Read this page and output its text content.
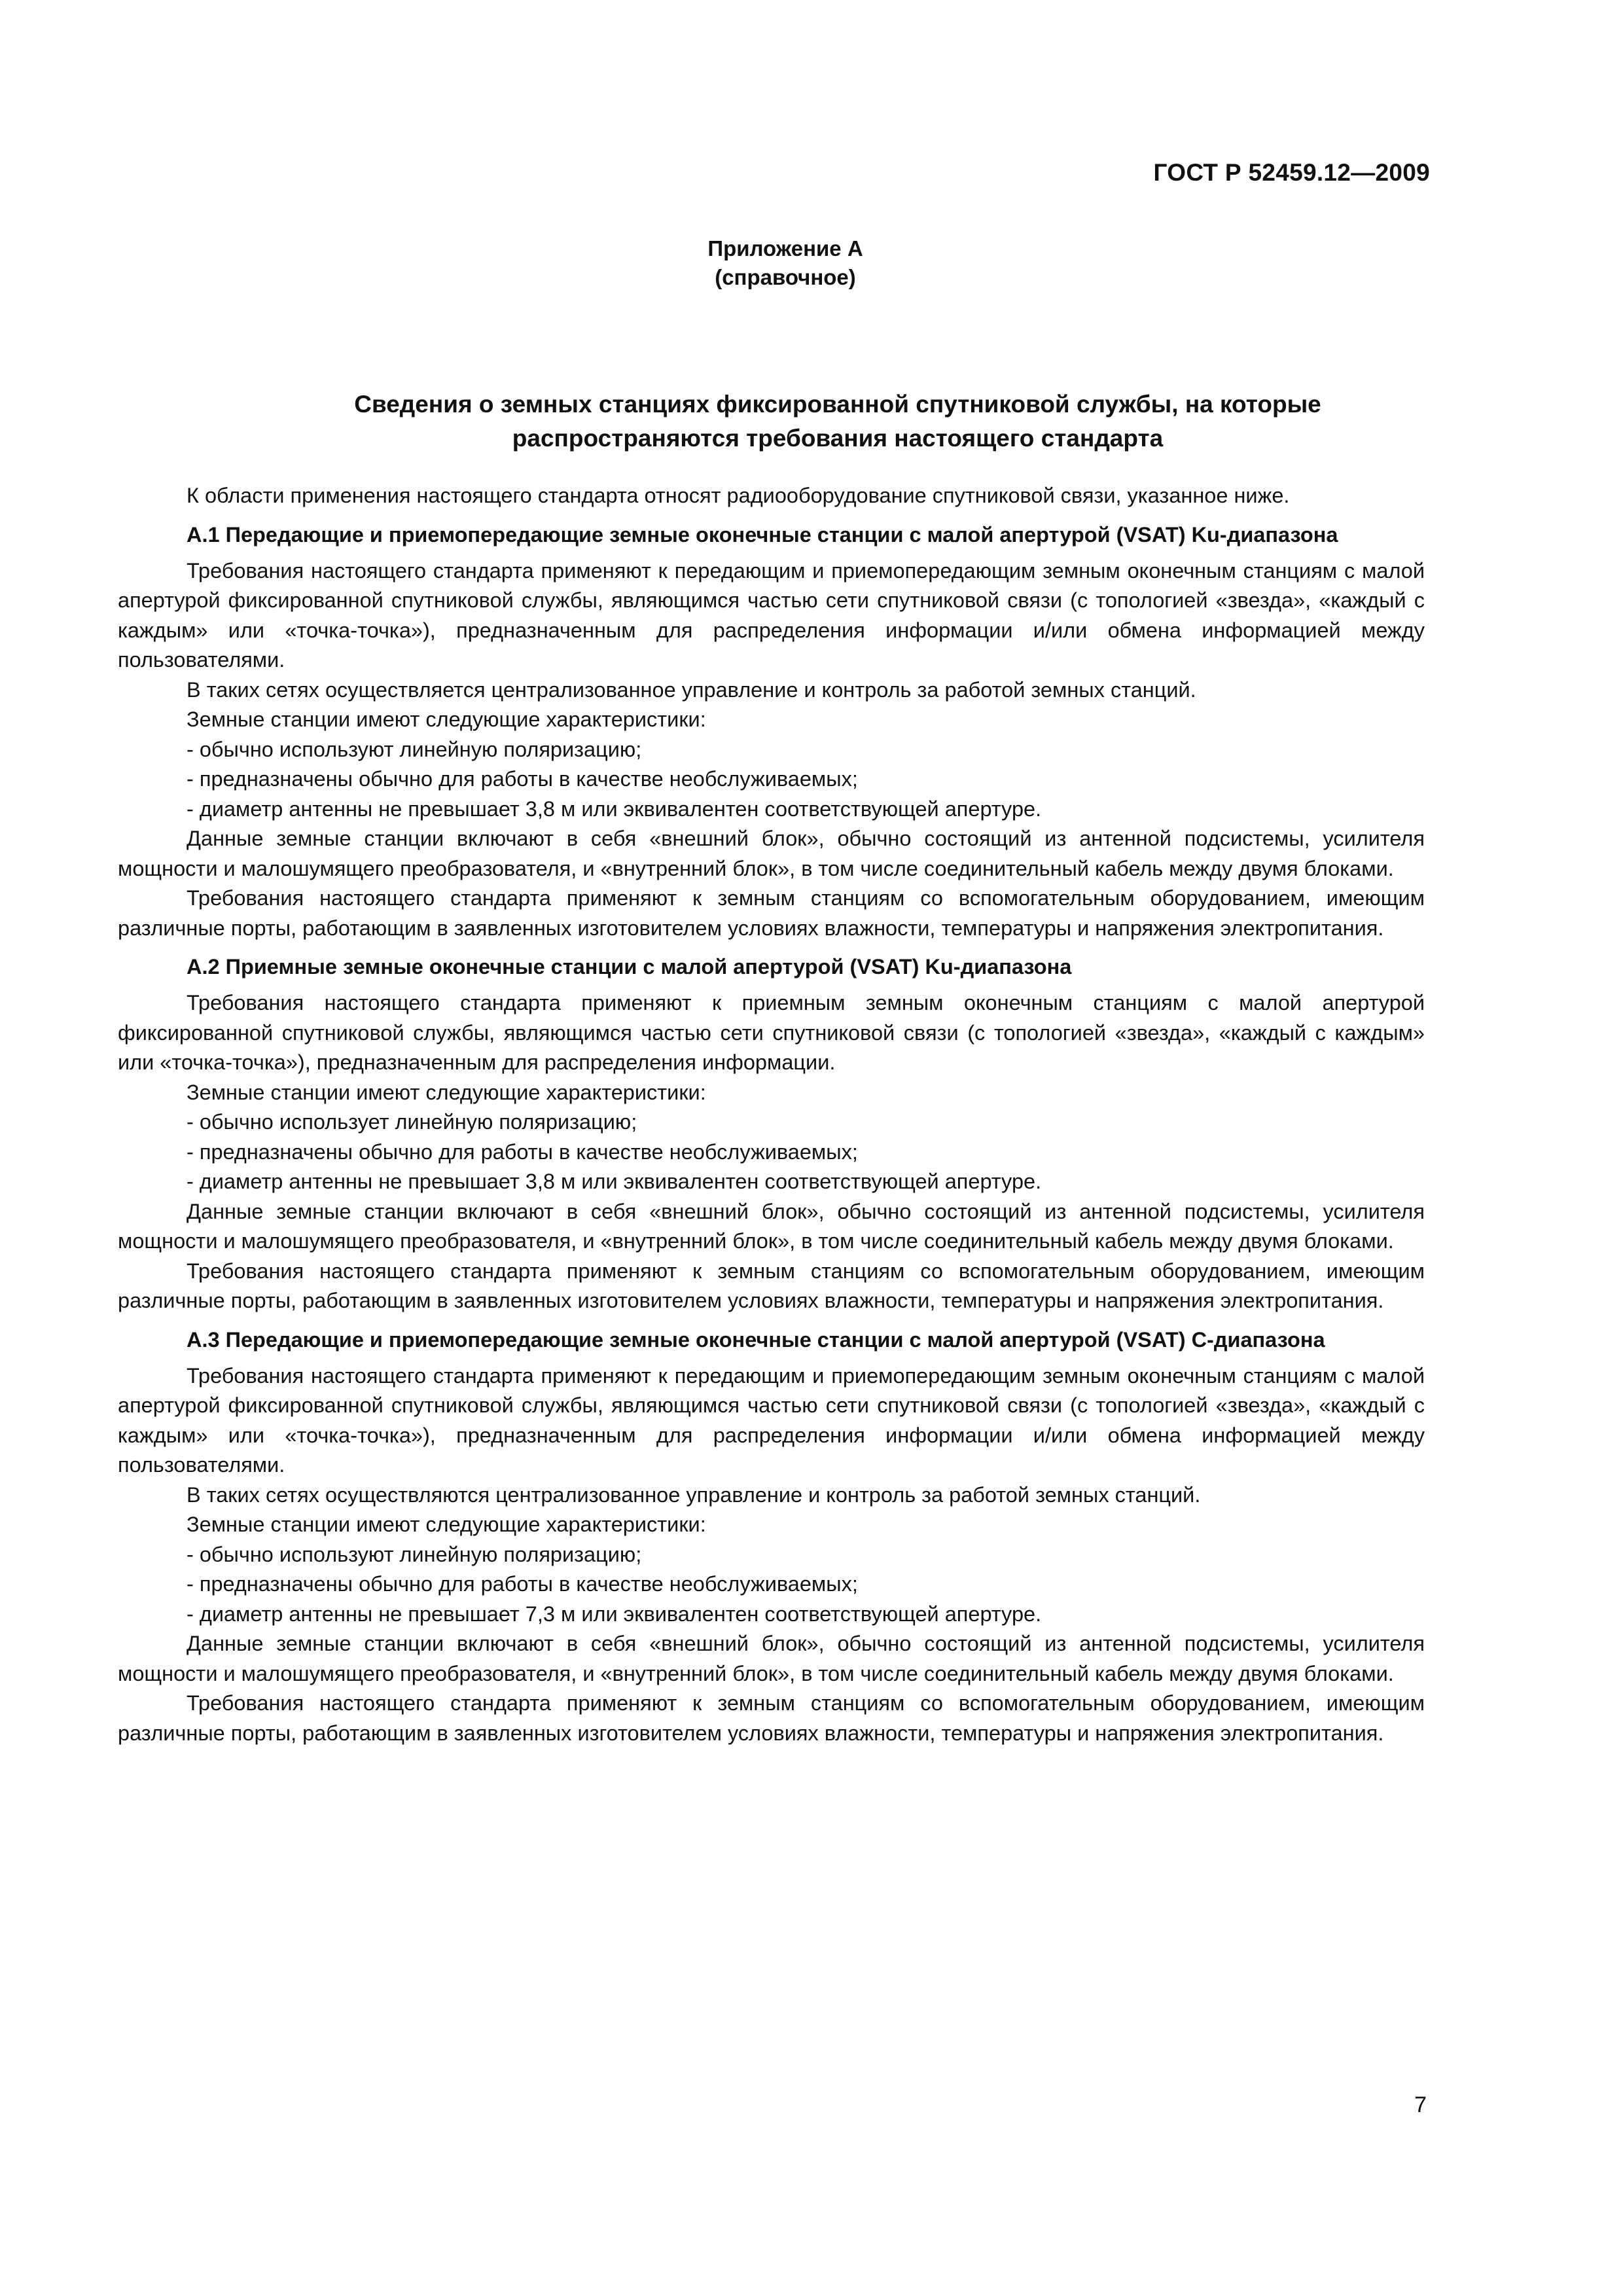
ГОСТ Р 52459.12—2009
Приложение А
(справочное)
Сведения о земных станциях фиксированной спутниковой службы, на которые
распространяются требования настоящего стандарта

К области применения настоящего стандарта относят радиооборудование спутниковой связи, указанное ниже.

А.1 Передающие и приемопередающие земные оконечные станции с малой апертурой (VSAT) Ku-диапазона

Требования настоящего стандарта применяют к передающим и приемопередающим земным оконечным станциям с малой апертурой фиксированной спутниковой службы, являющимся частью сети спутниковой связи (с топологией «звезда», «каждый с каждым» или «точка-точка»), предназначенным для распределения информации и/или обмена информацией между пользователями.

В таких сетях осуществляется централизованное управление и контроль за работой земных станций.

Земные станции имеют следующие характеристики:

- обычно используют линейную поляризацию;

- предназначены обычно для работы в качестве необслуживаемых;

- диаметр антенны не превышает 3,8 м или эквивалентен соответствующей апертуре.

Данные земные станции включают в себя «внешний блок», обычно состоящий из антенной подсистемы, усилителя мощности и малошумящего преобразователя, и «внутренний блок», в том числе соединительный кабель между двумя блоками.

Требования настоящего стандарта применяют к земным станциям со вспомогательным оборудованием, имеющим различные порты, работающим в заявленных изготовителем условиях влажности, температуры и напряжения электропитания.

А.2 Приемные земные оконечные станции с малой апертурой (VSAT) Ku-диапазона

Требования настоящего стандарта применяют к приемным земным оконечным станциям с малой апертурой фиксированной спутниковой службы, являющимся частью сети спутниковой связи (с топологией «звезда», «каждый с каждым» или «точка-точка»), предназначенным для распределения информации.

Земные станции имеют следующие характеристики:

- обычно использует линейную поляризацию;

- предназначены обычно для работы в качестве необслуживаемых;

- диаметр антенны не превышает 3,8 м или эквивалентен соответствующей апертуре.

Данные земные станции включают в себя «внешний блок», обычно состоящий из антенной подсистемы, усилителя мощности и малошумящего преобразователя, и «внутренний блок», в том числе соединительный кабель между двумя блоками.

Требования настоящего стандарта применяют к земным станциям со вспомогательным оборудованием, имеющим различные порты, работающим в заявленных изготовителем условиях влажности, температуры и напряжения электропитания.

А.3 Передающие и приемопередающие земные оконечные станции с малой апертурой (VSAT) С-диапазона

Требования настоящего стандарта применяют к передающим и приемопередающим земным оконечным станциям с малой апертурой фиксированной спутниковой службы, являющимся частью сети спутниковой связи (с топологией «звезда», «каждый с каждым» или «точка-точка»), предназначенным для распределения информации и/или обмена информацией между пользователями.

В таких сетях осуществляются централизованное управление и контроль за работой земных станций.

Земные станции имеют следующие характеристики:

- обычно используют линейную поляризацию;

- предназначены обычно для работы в качестве необслуживаемых;

- диаметр антенны не превышает 7,3 м или эквивалентен соответствующей апертуре.

Данные земные станции включают в себя «внешний блок», обычно состоящий из антенной подсистемы, усилителя мощности и малошумящего преобразователя, и «внутренний блок», в том числе соединительный кабель между двумя блоками.

Требования настоящего стандарта применяют к земным станциям со вспомогательным оборудованием, имеющим различные порты, работающим в заявленных изготовителем условиях влажности, температуры и напряжения электропитания.

7
